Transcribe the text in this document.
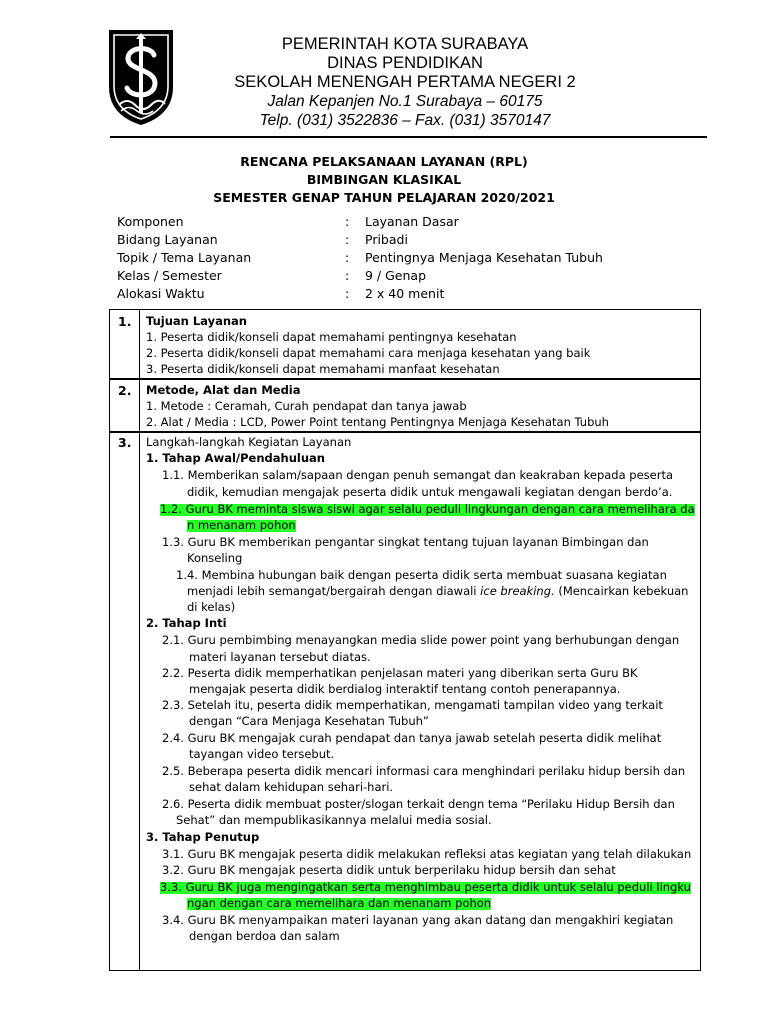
PEMERINTAH KOTA SURABAYA
DINAS PENDIDIKAN
SEKOLAH MENENGAH PERTAMA NEGERI 2
Jalan Kepanjen No.1 Surabaya – 60175
Telp. (031) 3522836 – Fax. (031) 3570147
RENCANA PELAKSANAAN LAYANAN (RPL)
BIMBINGAN KLASIKAL
SEMESTER GENAP TAHUN PELAJARAN 2020/2021
Komponen	: Layanan Dasar
Bidang Layanan	: Pribadi
Topik / Tema Layanan	: Pentingnya Menjaga Kesehatan Tubuh
Kelas / Semester	: 9 / Genap
Alokasi Waktu	: 2 x 40 menit
1. Tujuan Layanan
1. Peserta didik/konseli dapat memahami pentingnya kesehatan
2. Peserta didik/konseli dapat memahami cara menjaga kesehatan yang baik
3. Peserta didik/konseli dapat memahami manfaat kesehatan
2. Metode, Alat dan Media
1. Metode : Ceramah, Curah pendapat dan tanya jawab
2. Alat / Media : LCD, Power Point tentang Pentingnya Menjaga Kesehatan Tubuh
3. Langkah-langkah Kegiatan Layanan
1. Tahap Awal/Pendahuluan
1.1. Memberikan salam/sapaan dengan penuh semangat dan keakraban kepada peserta
didik, kemudian mengajak peserta didik untuk mengawali kegiatan dengan berdo’a.
1.2. Guru BK meminta siswa siswi agar selalu peduli lingkungan dengan cara memelihara da
n menanam pohon
1.3. Guru BK memberikan pengantar singkat tentang tujuan layanan Bimbingan dan
Konseling
1.4. Membina hubungan baik dengan peserta didik serta membuat suasana kegiatan
menjadi lebih semangat/bergairah dengan diawali ice breaking. (Mencairkan kebekuan
di kelas)
2. Tahap Inti
2.1. Guru pembimbing menayangkan media slide power point yang berhubungan dengan
materi layanan tersebut diatas.
2.2. Peserta didik memperhatikan penjelasan materi yang diberikan serta Guru BK
mengajak peserta didik berdialog interaktif tentang contoh penerapannya.
2.3. Setelah itu, peserta didik memperhatikan, mengamati tampilan video yang terkait
dengan “Cara Menjaga Kesehatan Tubuh”
2.4. Guru BK mengajak curah pendapat dan tanya jawab setelah peserta didik melihat
tayangan video tersebut.
2.5. Beberapa peserta didik mencari informasi cara menghindari perilaku hidup bersih dan
sehat dalam kehidupan sehari-hari.
2.6. Peserta didik membuat poster/slogan terkait dengn tema “Perilaku Hidup Bersih dan
Sehat” dan mempublikasikannya melalui media sosial.
3. Tahap Penutup
3.1. Guru BK mengajak peserta didik melakukan refleksi atas kegiatan yang telah dilakukan
3.2. Guru BK mengajak peserta didik untuk berperilaku hidup bersih dan sehat
3.3. Guru BK juga mengingatkan serta menghimbau peserta didik untuk selalu peduli lingku
ngan dengan cara memelihara dan menanam pohon
3.4. Guru BK menyampaikan materi layanan yang akan datang dan mengakhiri kegiatan
dengan berdoa dan salam
